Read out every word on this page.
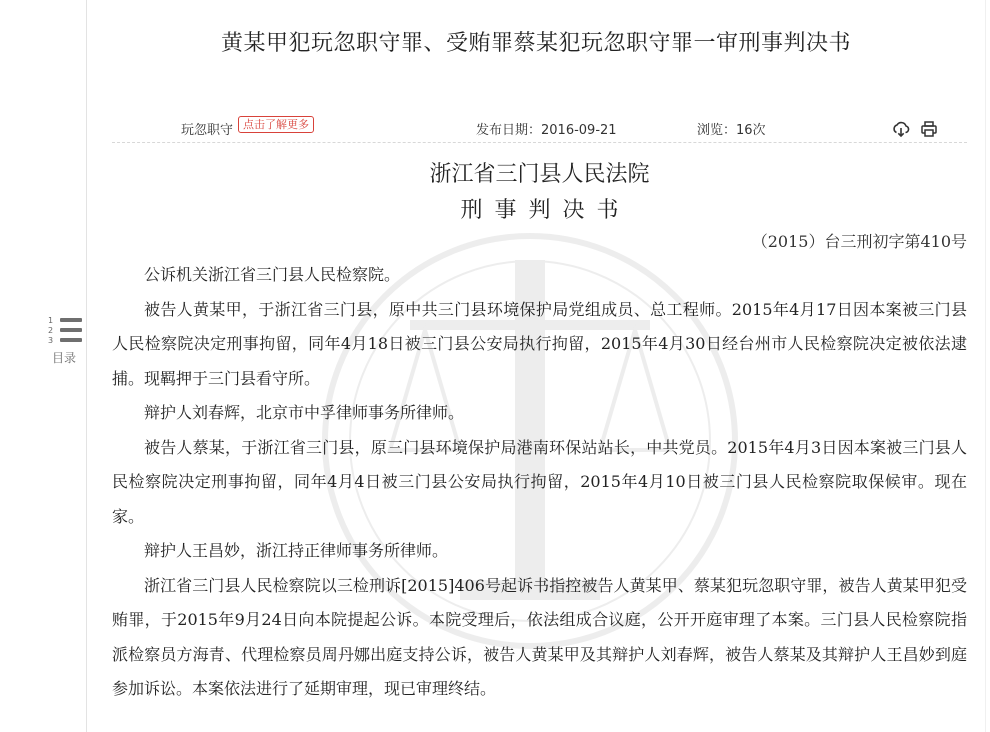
黄某甲犯玩忽职守罪、受贿罪蔡某犯玩忽职守罪一审刑事判决书
玩忽职守 点击了解更多	发布日期：2016-09-21	浏览：16次
1
2
3
目录
浙江省三门县人民法院
刑事判决书
（2015）台三刑初字第410号

公诉机关浙江省三门县人民检察院。

被告人黄某甲，于浙江省三门县，原中共三门县环境保护局党组成员、总工程师。2015年4月17日因本案被三门县人民检察院决定刑事拘留，同年4月18日被三门县公安局执行拘留，2015年4月30日经台州市人民检察院决定被依法逮捕。现羁押于三门县看守所。

辩护人刘春辉，北京市中孚律师事务所律师。

被告人蔡某，于浙江省三门县，原三门县环境保护局港南环保站站长，中共党员。2015年4月3日因本案被三门县人民检察院决定刑事拘留，同年4月4日被三门县公安局执行拘留，2015年4月10日被三门县人民检察院取保候审。现在家。

辩护人王昌妙，浙江持正律师事务所律师。

浙江省三门县人民检察院以三检刑诉[2015]406号起诉书指控被告人黄某甲、蔡某犯玩忽职守罪，被告人黄某甲犯受贿罪，于2015年9月24日向本院提起公诉。本院受理后，依法组成合议庭，公开开庭审理了本案。三门县人民检察院指派检察员方海青、代理检察员周丹娜出庭支持公诉，被告人黄某甲及其辩护人刘春辉，被告人蔡某及其辩护人王昌妙到庭参加诉讼。本案依法进行了延期审理，现已审理终结。
